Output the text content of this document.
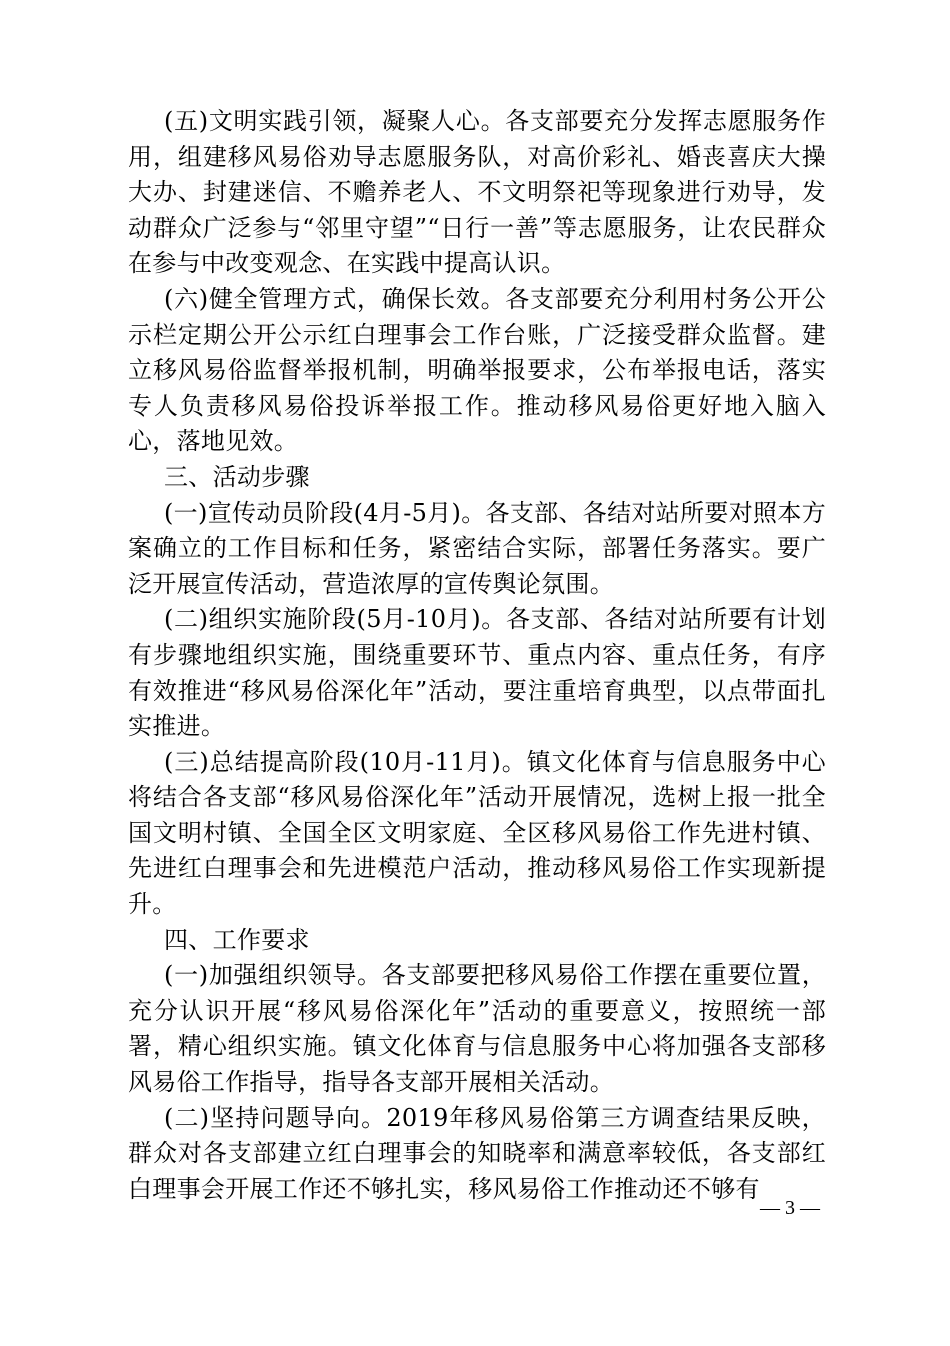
(五)文明实践引领，凝聚人心。各支部要充分发挥志愿服务作用，组建移风易俗劝导志愿服务队，对高价彩礼、婚丧喜庆大操大办、封建迷信、不赡养老人、不文明祭祀等现象进行劝导，发动群众广泛参与“邻里守望”“日行一善”等志愿服务，让农民群众在参与中改变观念、在实践中提高认识。

(六)健全管理方式，确保长效。各支部要充分利用村务公开公示栏定期公开公示红白理事会工作台账，广泛接受群众监督。建立移风易俗监督举报机制，明确举报要求，公布举报电话，落实专人负责移风易俗投诉举报工作。推动移风易俗更好地入脑入心，落地见效。

三、活动步骤

(一)宣传动员阶段(4月-5月)。各支部、各结对站所要对照本方案确立的工作目标和任务，紧密结合实际，部署任务落实。要广泛开展宣传活动，营造浓厚的宣传舆论氛围。

(二)组织实施阶段(5月-10月)。各支部、各结对站所要有计划有步骤地组织实施，围绕重要环节、重点内容、重点任务，有序有效推进“移风易俗深化年”活动，要注重培育典型，以点带面扎实推进。

(三)总结提高阶段(10月-11月)。镇文化体育与信息服务中心将结合各支部“移风易俗深化年”活动开展情况，选树上报一批全国文明村镇、全国全区文明家庭、全区移风易俗工作先进村镇、先进红白理事会和先进模范户活动，推动移风易俗工作实现新提升。

四、工作要求

(一)加强组织领导。各支部要把移风易俗工作摆在重要位置，充分认识开展“移风易俗深化年”活动的重要意义，按照统一部署，精心组织实施。镇文化体育与信息服务中心将加强各支部移风易俗工作指导，指导各支部开展相关活动。

(二)坚持问题导向。2019年移风易俗第三方调查结果反映，群众对各支部建立红白理事会的知晓率和满意率较低，各支部红白理事会开展工作还不够扎实，移风易俗工作推动还不够有

— 3 —
